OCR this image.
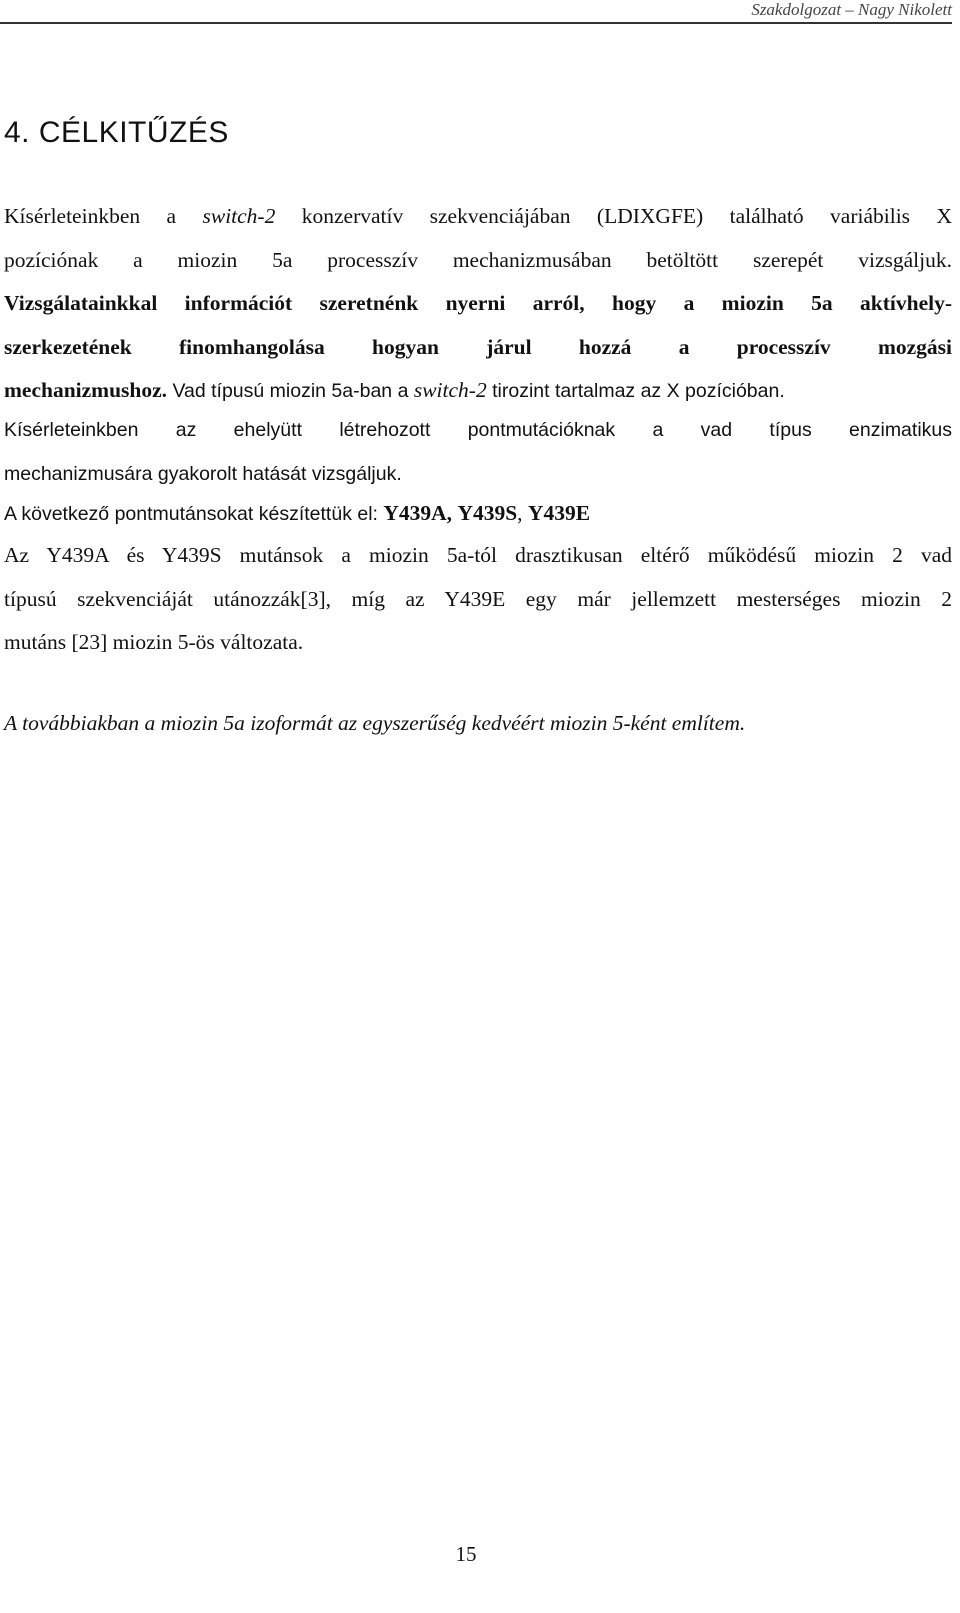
Szakdolgozat – Nagy Nikolett
4. CÉLKITŰZÉS
Kísérleteinkben a switch-2 konzervatív szekvenciájában (LDIXGFE) található variábilis X
pozíciónak a miozin 5a processzív mechanizmusában betöltött szerepét vizsgáljuk.
Vizsgálatainkkal információt szeretnénk nyerni arról, hogy a miozin 5a aktívhely-
szerkezetének finomhangolása hogyan járul hozzá a processzív mozgási
mechanizmushoz. Vad típusú miozin 5a-ban a switch-2 tirozint tartalmaz az X pozícióban.
Kísérleteinkben az ehelyütt létrehozott pontmutációknak a vad típus enzimatikus
mechanizmusára gyakorolt hatását vizsgáljuk.
A következő pontmutánsokat készítettük el: Y439A, Y439S, Y439E
Az Y439A és Y439S mutánsok a miozin 5a-tól drasztikusan eltérő működésű miozin 2 vad
típusú szekvenciáját utánozzák[3], míg az Y439E egy már jellemzett mesterséges miozin 2
mutáns [23] miozin 5-ös változata.
A továbbiakban a miozin 5a izoformát az egyszerűség kedvéért miozin 5-ként említem.
15
